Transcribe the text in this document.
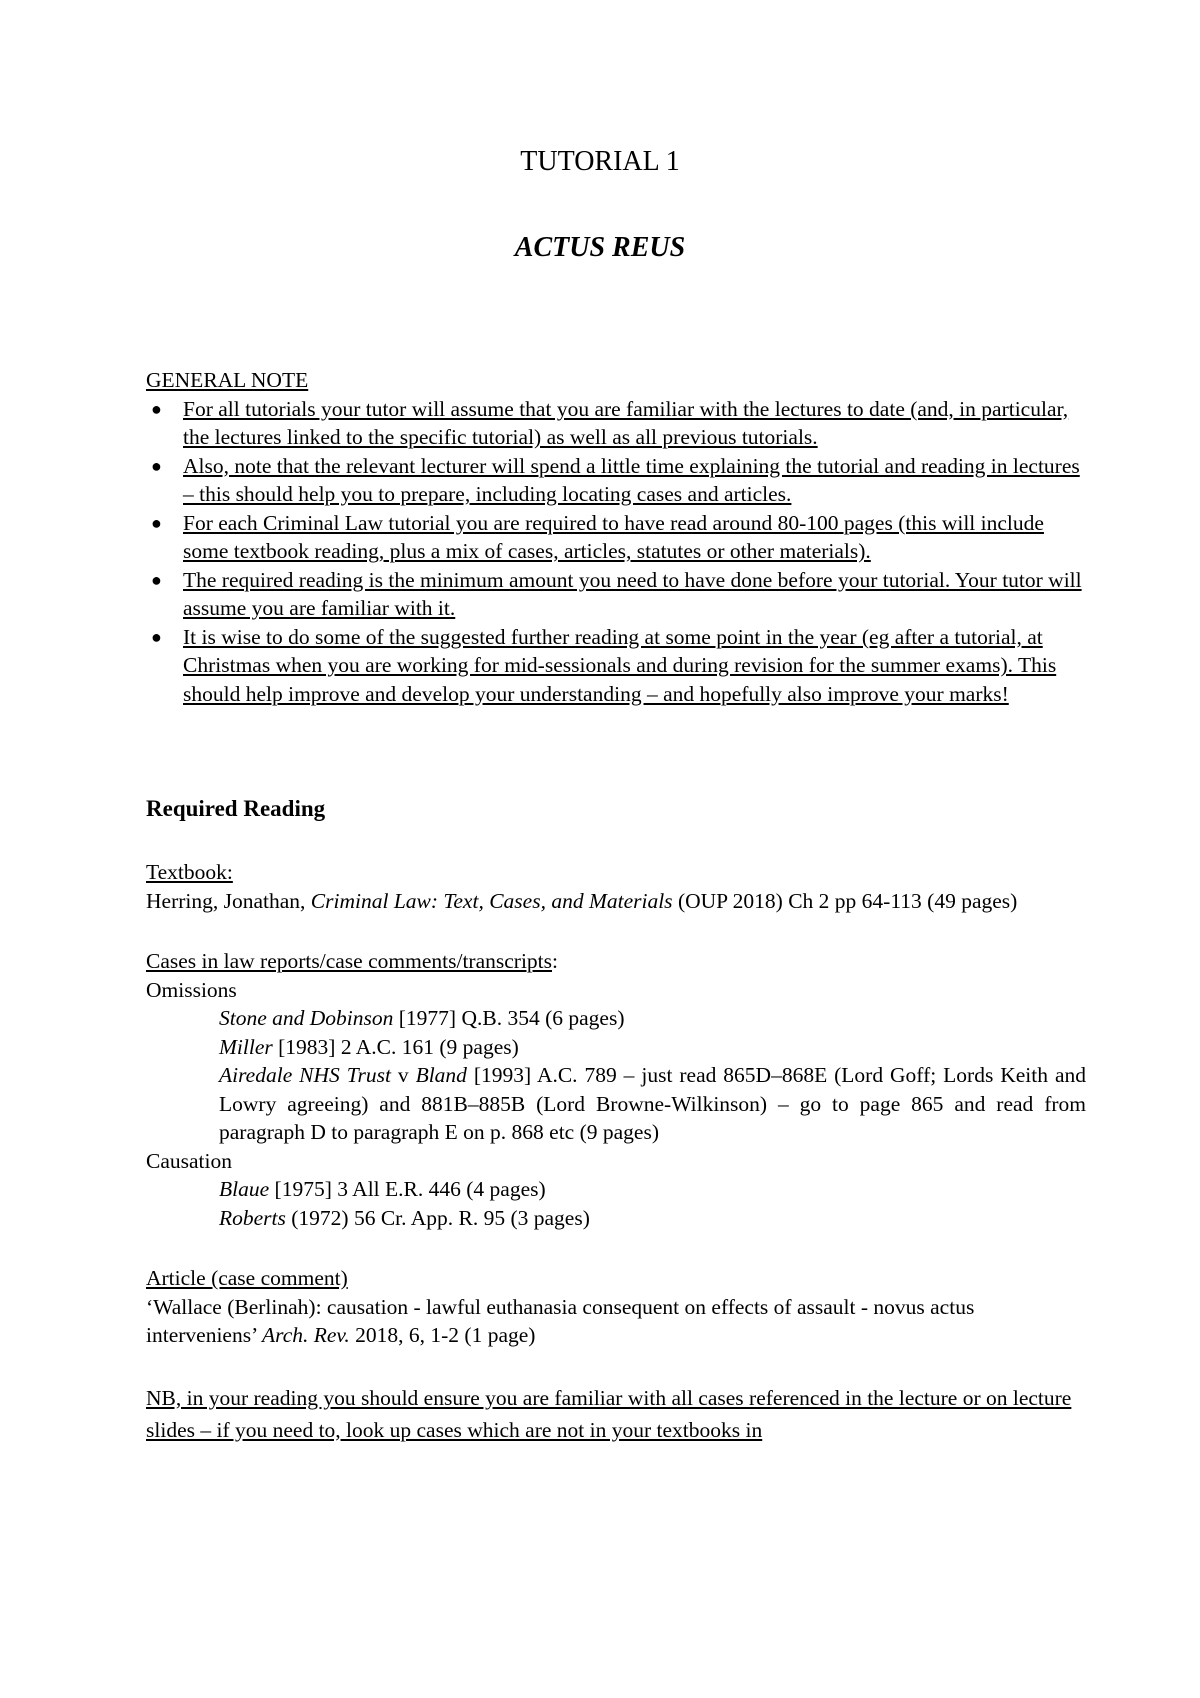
TUTORIAL 1
ACTUS REUS
GENERAL NOTE
● For all tutorials your tutor will assume that you are familiar with the lectures to date (and, in particular, the lectures linked to the specific tutorial) as well as all previous tutorials.
● Also, note that the relevant lecturer will spend a little time explaining the tutorial and reading in lectures – this should help you to prepare, including locating cases and articles.
● For each Criminal Law tutorial you are required to have read around 80-100 pages (this will include some textbook reading, plus a mix of cases, articles, statutes or other materials).
● The required reading is the minimum amount you need to have done before your tutorial. Your tutor will assume you are familiar with it.
● It is wise to do some of the suggested further reading at some point in the year (eg after a tutorial, at Christmas when you are working for mid-sessionals and during revision for the summer exams). This should help improve and develop your understanding – and hopefully also improve your marks!
Required Reading
Textbook:
Herring, Jonathan, Criminal Law: Text, Cases, and Materials (OUP 2018) Ch 2 pp 64-113 (49 pages)
Cases in law reports/case comments/transcripts:
Omissions
Stone and Dobinson [1977] Q.B. 354 (6 pages)
Miller [1983] 2 A.C. 161 (9 pages)
Airedale NHS Trust v Bland [1993] A.C. 789 – just read 865D–868E (Lord Goff; Lords Keith and Lowry agreeing) and 881B–885B (Lord Browne-Wilkinson) – go to page 865 and read from paragraph D to paragraph E on p. 868 etc (9 pages)
Causation
Blaue [1975] 3 All E.R. 446 (4 pages)
Roberts (1972) 56 Cr. App. R. 95 (3 pages)
Article (case comment)
‘Wallace (Berlinah): causation - lawful euthanasia consequent on effects of assault - novus actus interveniens’ Arch. Rev. 2018, 6, 1-2 (1 page)
NB, in your reading you should ensure you are familiar with all cases referenced in the lecture or on lecture slides – if you need to, look up cases which are not in your textbooks in
